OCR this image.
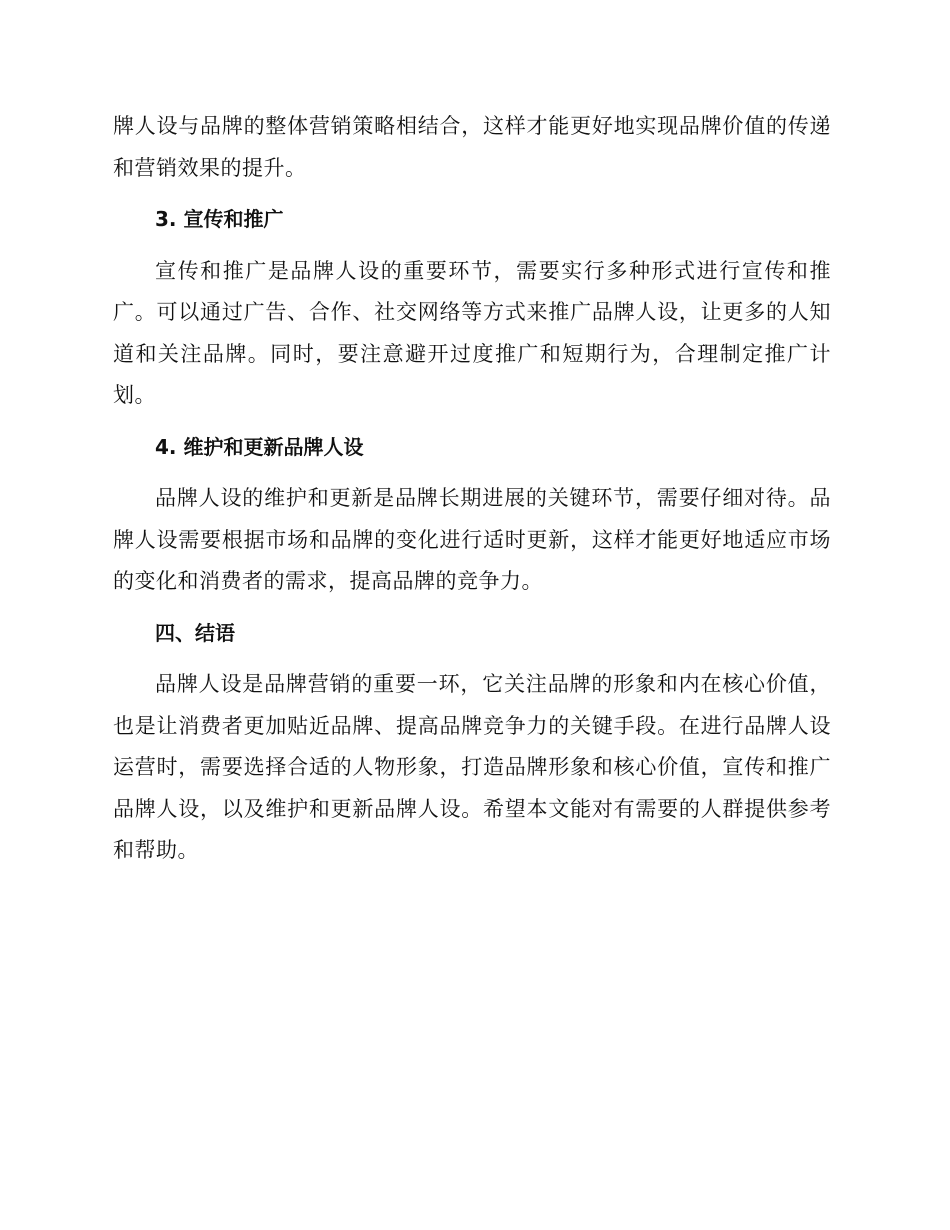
牌人设与品牌的整体营销策略相结合，这样才能更好地实现品牌价值的传递和营销效果的提升。

3. 宣传和推广

宣传和推广是品牌人设的重要环节，需要实行多种形式进行宣传和推广。可以通过广告、合作、社交网络等方式来推广品牌人设，让更多的人知道和关注品牌。同时，要注意避开过度推广和短期行为，合理制定推广计划。

4. 维护和更新品牌人设

品牌人设的维护和更新是品牌长期进展的关键环节，需要仔细对待。品牌人设需要根据市场和品牌的变化进行适时更新，这样才能更好地适应市场的变化和消费者的需求，提高品牌的竞争力。

四、结语

品牌人设是品牌营销的重要一环，它关注品牌的形象和内在核心价值，也是让消费者更加贴近品牌、提高品牌竞争力的关键手段。在进行品牌人设运营时，需要选择合适的人物形象，打造品牌形象和核心价值，宣传和推广品牌人设，以及维护和更新品牌人设。希望本文能对有需要的人群提供参考和帮助。
